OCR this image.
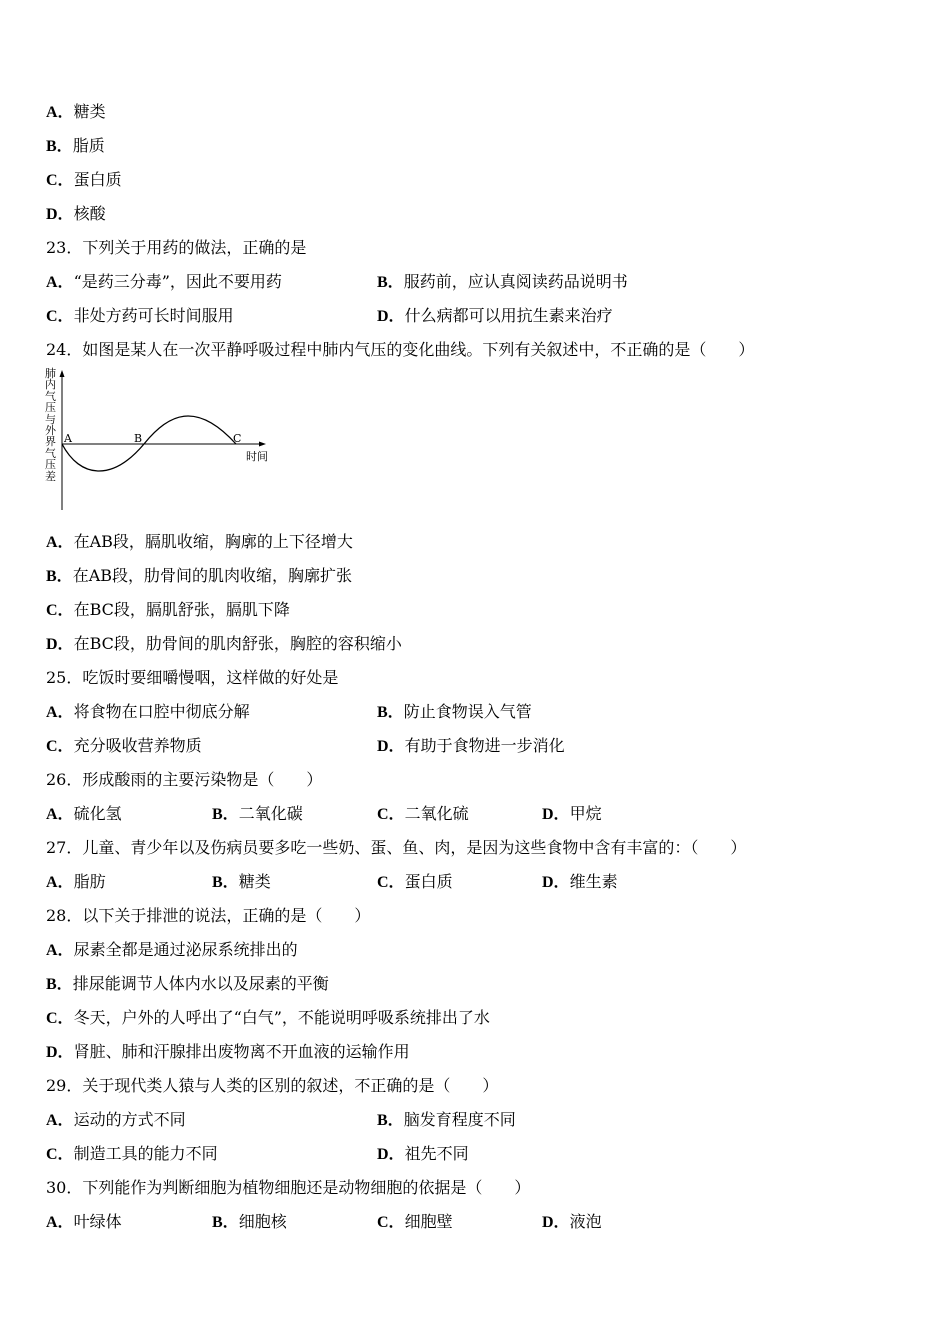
A．糖类
B．脂质
C．蛋白质
D．核酸
23．下列关于用药的做法，正确的是
A．“是药三分毒”，因此不要用药	B．服药前，应认真阅读药品说明书
C．非处方药可长时间服用	D．什么病都可以用抗生素来治疗
24．如图是某人在一次平静呼吸过程中肺内气压的变化曲线。下列有关叙述中，不正确的是（　　）
肺
内
气
压
与
外
界
气
压
差
A	B	C
时间
A．在AB段，膈肌收缩，胸廓的上下径增大
B．在AB段，肋骨间的肌肉收缩，胸廓扩张
C．在BC段，膈肌舒张，膈肌下降
D．在BC段，肋骨间的肌肉舒张，胸腔的容积缩小
25．吃饭时要细嚼慢咽，这样做的好处是
A．将食物在口腔中彻底分解	B．防止食物误入气管
C．充分吸收营养物质	D．有助于食物进一步消化
26．形成酸雨的主要污染物是（　　）
A．硫化氢	B．二氧化碳	C．二氧化硫	D．甲烷
27．儿童、青少年以及伤病员要多吃一些奶、蛋、鱼、肉，是因为这些食物中含有丰富的：（　　）
A．脂肪	B．糖类	C．蛋白质	D．维生素
28．以下关于排泄的说法，正确的是（　　）
A．尿素全都是通过泌尿系统排出的
B．排尿能调节人体内水以及尿素的平衡
C．冬天，户外的人呼出了“白气”，不能说明呼吸系统排出了水
D．肾脏、肺和汗腺排出废物离不开血液的运输作用
29．关于现代类人猿与人类的区别的叙述，不正确的是（　　）
A．运动的方式不同	B．脑发育程度不同
C．制造工具的能力不同	D．祖先不同
30．下列能作为判断细胞为植物细胞还是动物细胞的依据是（　　）
A．叶绿体	B．细胞核	C．细胞壁	D．液泡
